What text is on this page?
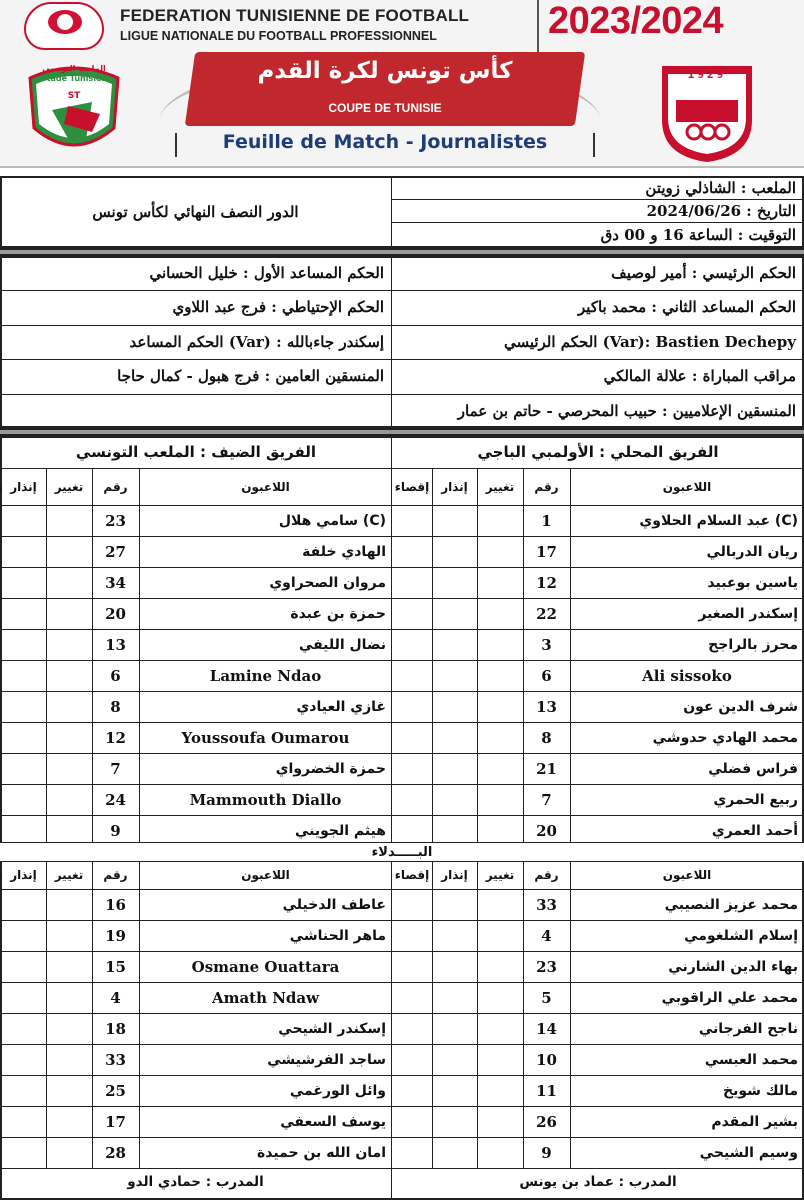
FEDERATION TUNISIENNE DE FOOTBALL
LIGUE NATIONALE DU FOOTBALL PROFESSIONNEL	2023/2024
ST
الملعب التونسي
Stade Tunisien	1929
كأس تونس لكرة القدم
COUPE DE TUNISIE
Feuille de Match - Journalistes
الملعب : الشاذلي زويتن
التاريخ : 2024/06/26
التوقيت : الساعة 16 و 00 دق
الدور النصف النهائي لكأس تونس
الحكم الرئيسي : أمير لوصيف
الحكم المساعد الثاني : محمد باكير
الحكم الرئيسي (Var): Bastien Dechepy
مراقب المباراة : علالة المالكي
المنسقين الإعلاميين : حبيب المحرصي - حاتم بن عمار
الحكم المساعد الأول : خليل الحساني
الحكم الإحتياطي : فرج عبد اللاوي
الحكم المساعد (Var) : إسكندر جاءبالله
المنسقين العامين : فرج هبول - كمال حاجا
الفريق المحلي : الأولمبي الباجي
الفريق الضيف : الملعب التونسي
اللاعبون
رقم
تغيير
إنذار
إقصاء
عبد السلام الحلاوي (C)
1
ريان الدربالي
17
ياسين بوعبيد
12
إسكندر الصغير
22
محرز بالراجح
3
Ali sissoko
6
شرف الدين عون
13
محمد الهادي حدوشي
8
فراس فضلي
21
ربيع الحمري
7
أحمد العمري
20
اللاعبون
رقم
تغيير
إنذار
سامي هلال (C)
23
الهادي خلفة
27
مروان الصحراوي
34
حمزة بن عبدة
20
نضال الليفي
13
Lamine Ndao
6
غازي العيادي
8
Youssoufa Oumarou
12
حمزة الخضرواي
7
Mammouth Diallo
24
هيثم الجويني
9
البـــــدلاء
اللاعبون
رقم
تغيير
إنذار
إقصاء
محمد عزيز النصيبي
33
إسلام الشلغومي
4
بهاء الدين الشارني
23
محمد علي الراقوبي
5
ناجح الفرجاني
14
محمد العبسي
10
مالك شويخ
11
بشير المقدم
26
وسيم الشيحي
9
اللاعبون
رقم
تغيير
إنذار
عاطف الدخيلي
16
ماهر الحناشي
19
Osmane Ouattara
15
Amath Ndaw
4
إسكندر الشيحي
18
ساجد الفرشيشي
33
وائل الورغمي
25
يوسف السعفي
17
امان الله بن حميدة
28
المدرب : عماد بن يونس
المدرب : حمادي الدو
